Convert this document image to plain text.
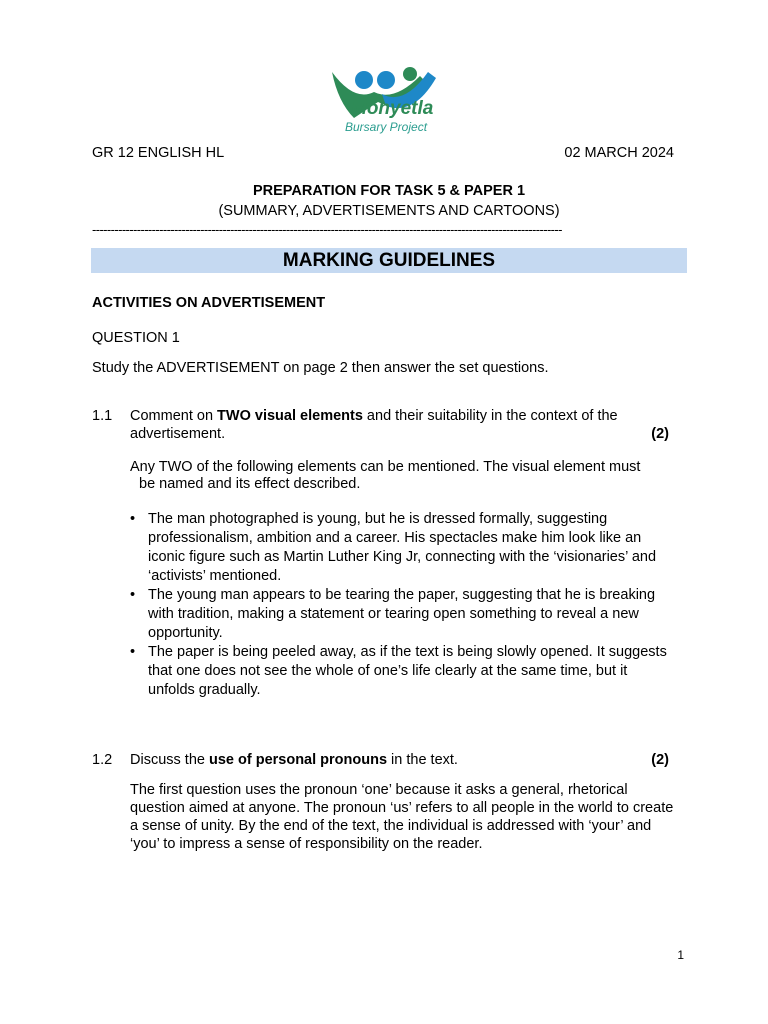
Monyetla
Bursary Project
GR 12 ENGLISH HL	02 MARCH 2024
PREPARATION FOR TASK 5 & PAPER 1
(SUMMARY, ADVERTISEMENTS AND CARTOONS)
------------------------------------------------------------------------------------------------------------------------------
MARKING GUIDELINES
ACTIVITIES ON ADVERTISEMENT
QUESTION 1
Study the ADVERTISEMENT on page 2 then answer the set questions.
1.1 Comment on TWO visual elements and their suitability in the context of the
advertisement.	(2)
Any TWO of the following elements can be mentioned. The visual element must
be named and its effect described.
• The man photographed is young, but he is dressed formally, suggesting professionalism, ambition and a career. His spectacles make him look like an iconic figure such as Martin Luther King Jr, connecting with the ‘visionaries’ and ‘activists’ mentioned.
• The young man appears to be tearing the paper, suggesting that he is breaking with tradition, making a statement or tearing open something to reveal a new opportunity.
• The paper is being peeled away, as if the text is being slowly opened. It suggests that one does not see the whole of one’s life clearly at the same time, but it unfolds gradually.
1.2 Discuss the use of personal pronouns in the text.	(2)
The first question uses the pronoun ‘one’ because it asks a general, rhetorical question aimed at anyone. The pronoun ‘us’ refers to all people in the world to create a sense of unity. By the end of the text, the individual is addressed with ‘your’ and ‘you’ to impress a sense of responsibility on the reader.
1
